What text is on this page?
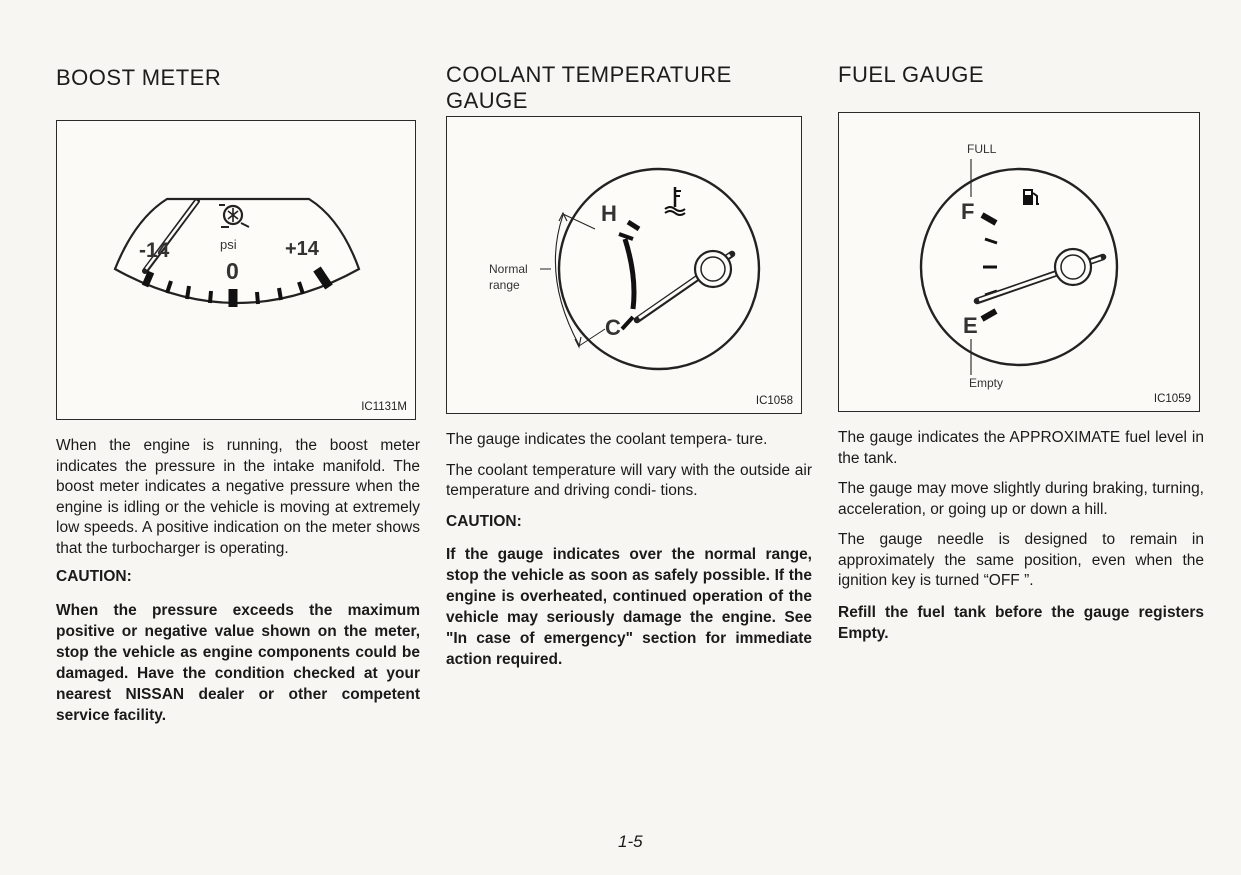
BOOST METER
psi
-14	+14
0
IC1131M

When the engine is running, the boost meter indicates the pressure in the intake manifold. The boost meter indicates a negative pressure when the engine is idling or the vehicle is moving at extremely low speeds. A positive indication on the meter shows that the turbocharger is operating.

CAUTION:

When the pressure exceeds the maximum positive or negative value shown on the meter, stop the vehicle as engine components could be damaged. Have the condition checked at your nearest NISSAN dealer or other competent service facility.

COOLANT TEMPERATURE GAUGE
H
C
Normal
range
IC1058

The gauge indicates the coolant tempera- ture.

The coolant temperature will vary with the outside air temperature and driving condi- tions.

CAUTION:

If the gauge indicates over the normal range, stop the vehicle as soon as safely possible. If the engine is overheated, continued operation of the vehicle may seriously damage the engine. See "In case of emergency" section for immediate action required.

FUEL GAUGE
FULL
Empty
F
E
IC1059

The gauge indicates the APPROXIMATE fuel level in the tank.

The gauge may move slightly during braking, turning, acceleration, or going up or down a hill.

The gauge needle is designed to remain in approximately the same position, even when the ignition key is turned “OFF ”.

Refill the fuel tank before the gauge registers Empty.

1-5
